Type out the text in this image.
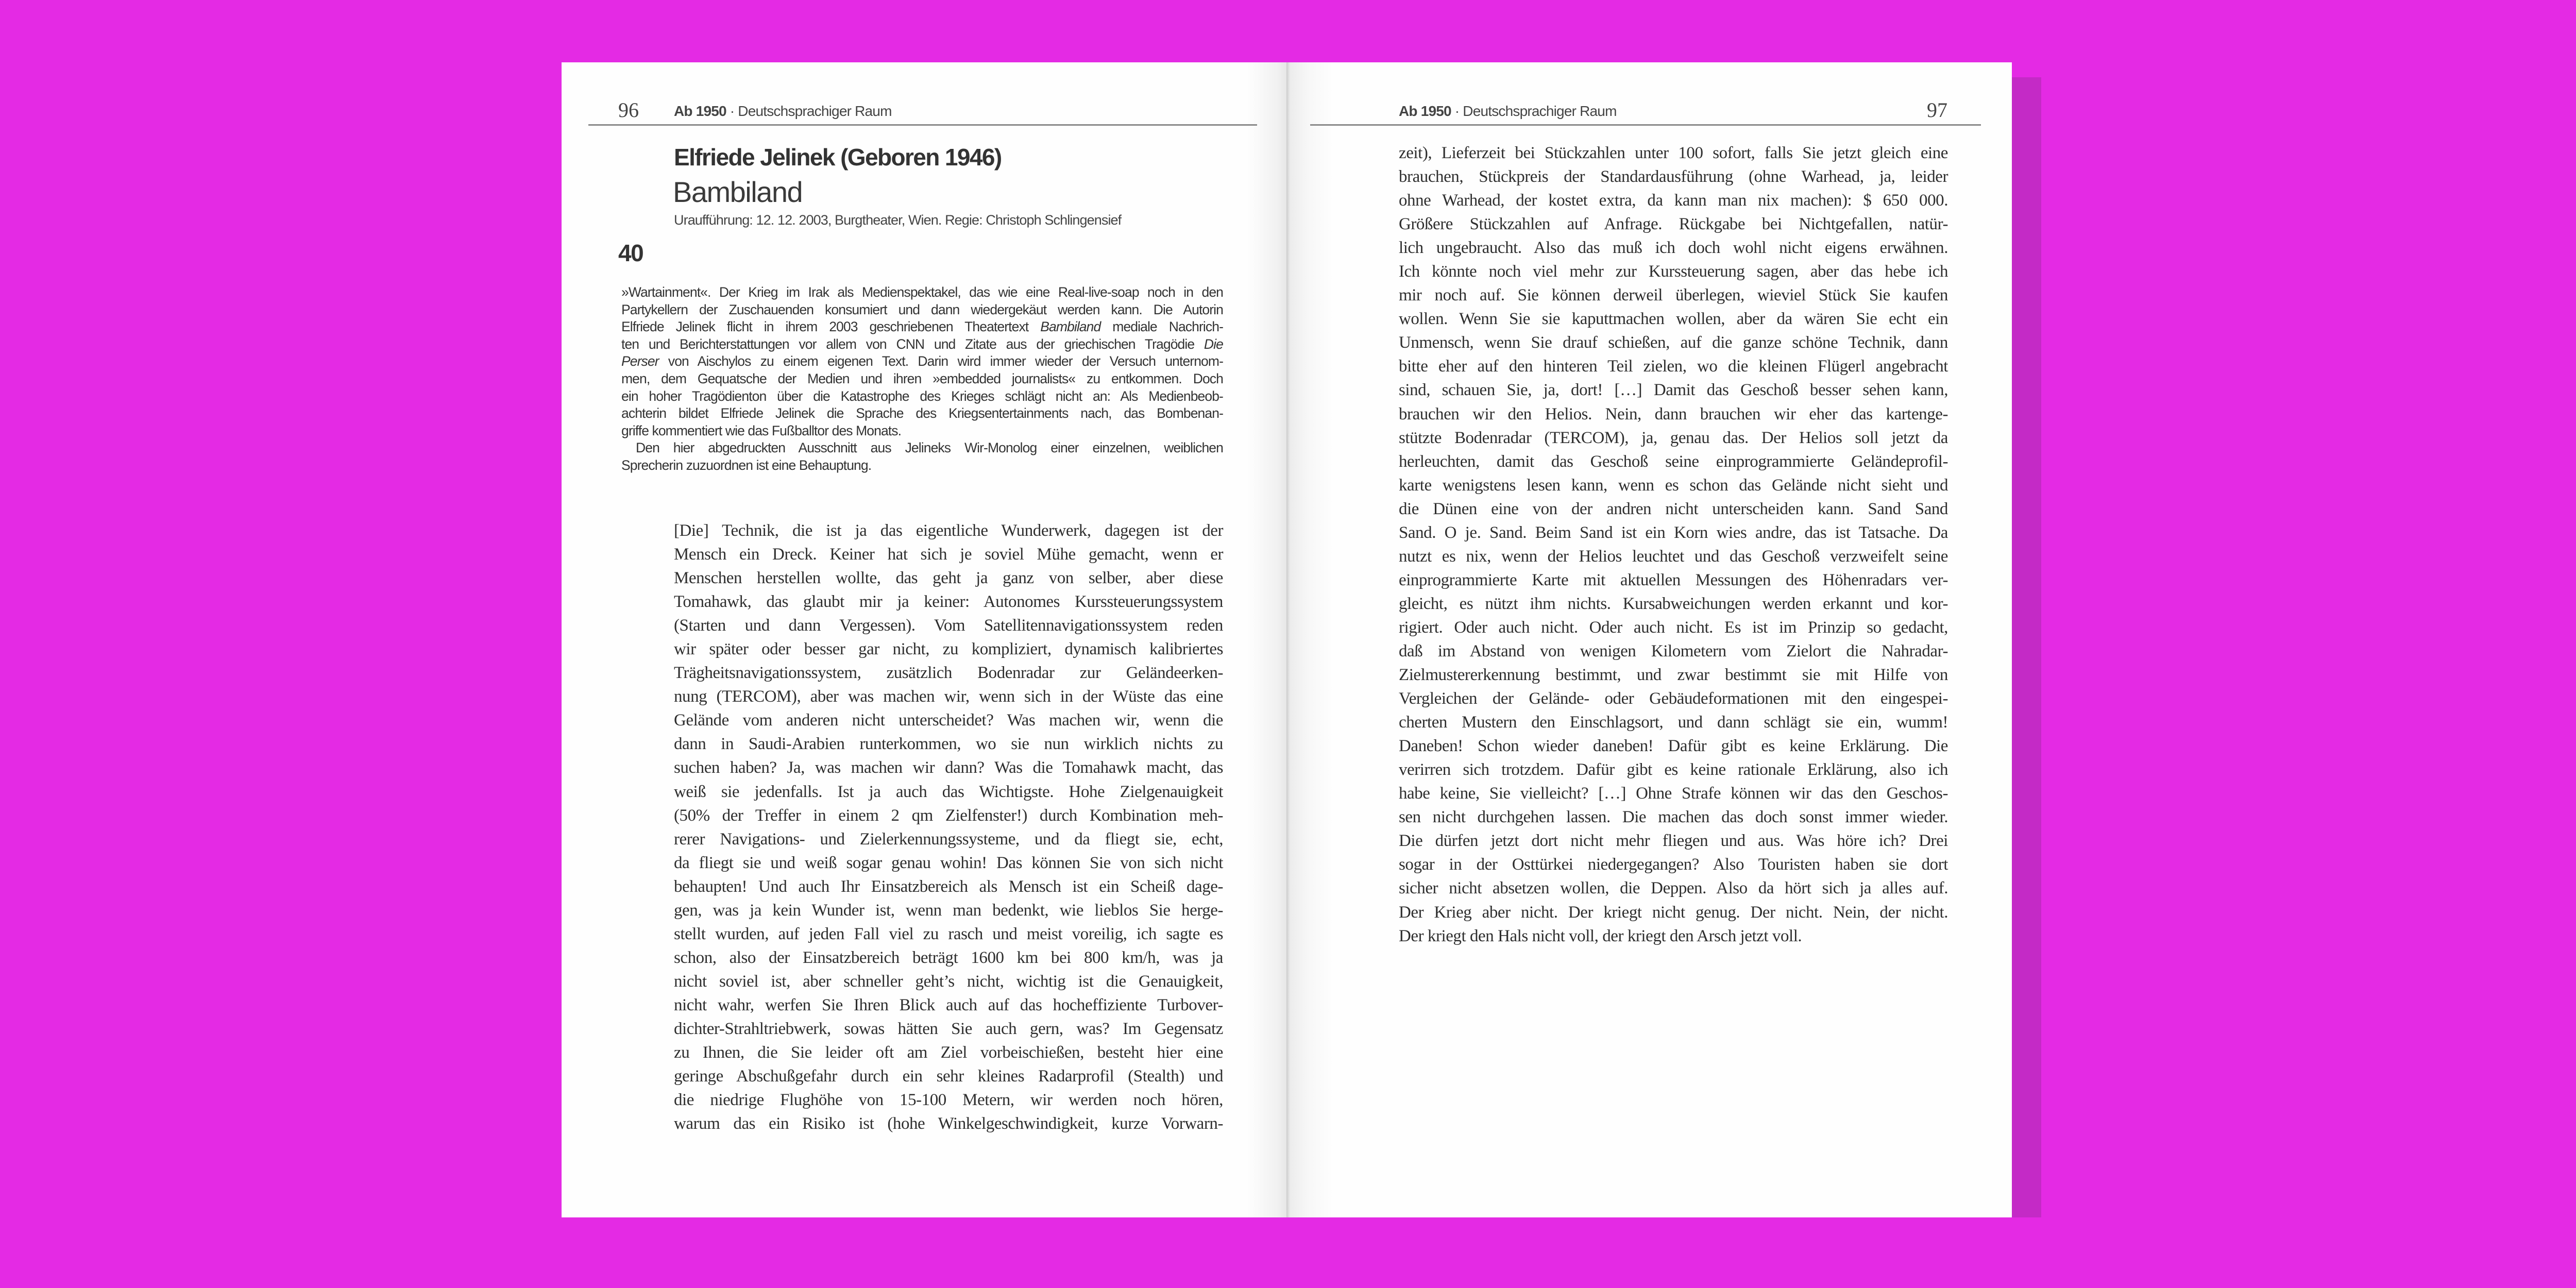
96 Ab 1950 · Deutschsprachiger Raum
Elfriede Jelinek (Geboren 1946)
Bambiland
Uraufführung: 12. 12. 2003, Burgtheater, Wien. Regie: Christoph Schlingensief
40
»Wartainment«. Der Krieg im Irak als Medienspektakel, das wie eine Real-live-soap noch in den
Partykellern der Zuschauenden konsumiert und dann wiedergekäut werden kann. Die Autorin
Elfriede Jelinek flicht in ihrem 2003 geschriebenen Theatertext Bambiland mediale Nachrich-
ten und Berichterstattungen vor allem von CNN und Zitate aus der griechischen Tragödie Die
Perser von Aischylos zu einem eigenen Text. Darin wird immer wieder der Versuch unternom-
men, dem Gequatsche der Medien und ihren »embedded journalists« zu entkommen. Doch
ein hoher Tragödienton über die Katastrophe des Krieges schlägt nicht an: Als Medienbeob-
achterin bildet Elfriede Jelinek die Sprache des Kriegsentertainments nach, das Bombenan-
griffe kommentiert wie das Fußballtor des Monats.
Den hier abgedruckten Ausschnitt aus Jelineks Wir-Monolog einer einzelnen, weiblichen
Sprecherin zuzuordnen ist eine Behauptung.
[Die] Technik, die ist ja das eigentliche Wunderwerk, dagegen ist der
Mensch ein Dreck. Keiner hat sich je soviel Mühe gemacht, wenn er
Menschen herstellen wollte, das geht ja ganz von selber, aber diese
Tomahawk, das glaubt mir ja keiner: Autonomes Kurssteuerungssystem
(Starten und dann Vergessen). Vom Satellitennavigationssystem reden
wir später oder besser gar nicht, zu kompliziert, dynamisch kalibriertes
Trägheitsnavigationssystem, zusätzlich Bodenradar zur Geländeerken-
nung (TERCOM), aber was machen wir, wenn sich in der Wüste das eine
Gelände vom anderen nicht unterscheidet? Was machen wir, wenn die
dann in Saudi-Arabien runterkommen, wo sie nun wirklich nichts zu
suchen haben? Ja, was machen wir dann? Was die Tomahawk macht, das
weiß sie jedenfalls. Ist ja auch das Wichtigste. Hohe Zielgenauigkeit
(50% der Treffer in einem 2 qm Zielfenster!) durch Kombination meh-
rerer Navigations- und Zielerkennungssysteme, und da fliegt sie, echt,
da fliegt sie und weiß sogar genau wohin! Das können Sie von sich nicht
behaupten! Und auch Ihr Einsatzbereich als Mensch ist ein Scheiß dage-
gen, was ja kein Wunder ist, wenn man bedenkt, wie lieblos Sie herge-
stellt wurden, auf jeden Fall viel zu rasch und meist voreilig, ich sagte es
schon, also der Einsatzbereich beträgt 1600 km bei 800 km/h, was ja
nicht soviel ist, aber schneller geht’s nicht, wichtig ist die Genauigkeit,
nicht wahr, werfen Sie Ihren Blick auch auf das hocheffiziente Turbover-
dichter-Strahltriebwerk, sowas hätten Sie auch gern, was? Im Gegensatz
zu Ihnen, die Sie leider oft am Ziel vorbeischießen, besteht hier eine
geringe Abschußgefahr durch ein sehr kleines Radarprofil (Stealth) und
die niedrige Flughöhe von 15-100 Metern, wir werden noch hören,
warum das ein Risiko ist (hohe Winkelgeschwindigkeit, kurze Vorwarn-
Ab 1950 · Deutschsprachiger Raum	97
zeit), Lieferzeit bei Stückzahlen unter 100 sofort, falls Sie jetzt gleich eine
brauchen, Stückpreis der Standardausführung (ohne Warhead, ja, leider
ohne Warhead, der kostet extra, da kann man nix machen): $ 650 000.
Größere Stückzahlen auf Anfrage. Rückgabe bei Nichtgefallen, natür-
lich ungebraucht. Also das muß ich doch wohl nicht eigens erwähnen.
Ich könnte noch viel mehr zur Kurssteuerung sagen, aber das hebe ich
mir noch auf. Sie können derweil überlegen, wieviel Stück Sie kaufen
wollen. Wenn Sie sie kaputtmachen wollen, aber da wären Sie echt ein
Unmensch, wenn Sie drauf schießen, auf die ganze schöne Technik, dann
bitte eher auf den hinteren Teil zielen, wo die kleinen Flügerl angebracht
sind, schauen Sie, ja, dort! […] Damit das Geschoß besser sehen kann,
brauchen wir den Helios. Nein, dann brauchen wir eher das kartenge-
stützte Bodenradar (TERCOM), ja, genau das. Der Helios soll jetzt da
herleuchten, damit das Geschoß seine einprogrammierte Geländeprofil-
karte wenigstens lesen kann, wenn es schon das Gelände nicht sieht und
die Dünen eine von der andren nicht unterscheiden kann. Sand Sand
Sand. O je. Sand. Beim Sand ist ein Korn wies andre, das ist Tatsache. Da
nutzt es nix, wenn der Helios leuchtet und das Geschoß verzweifelt seine
einprogrammierte Karte mit aktuellen Messungen des Höhenradars ver-
gleicht, es nützt ihm nichts. Kursabweichungen werden erkannt und kor-
rigiert. Oder auch nicht. Oder auch nicht. Es ist im Prinzip so gedacht,
daß im Abstand von wenigen Kilometern vom Zielort die Nahradar-
Zielmustererkennung bestimmt, und zwar bestimmt sie mit Hilfe von
Vergleichen der Gelände- oder Gebäudeformationen mit den eingespei-
cherten Mustern den Einschlagsort, und dann schlägt sie ein, wumm!
Daneben! Schon wieder daneben! Dafür gibt es keine Erklärung. Die
verirren sich trotzdem. Dafür gibt es keine rationale Erklärung, also ich
habe keine, Sie vielleicht? […] Ohne Strafe können wir das den Geschos-
sen nicht durchgehen lassen. Die machen das doch sonst immer wieder.
Die dürfen jetzt dort nicht mehr fliegen und aus. Was höre ich? Drei
sogar in der Osttürkei niedergegangen? Also Touristen haben sie dort
sicher nicht absetzen wollen, die Deppen. Also da hört sich ja alles auf.
Der Krieg aber nicht. Der kriegt nicht genug. Der nicht. Nein, der nicht.
Der kriegt den Hals nicht voll, der kriegt den Arsch jetzt voll.
